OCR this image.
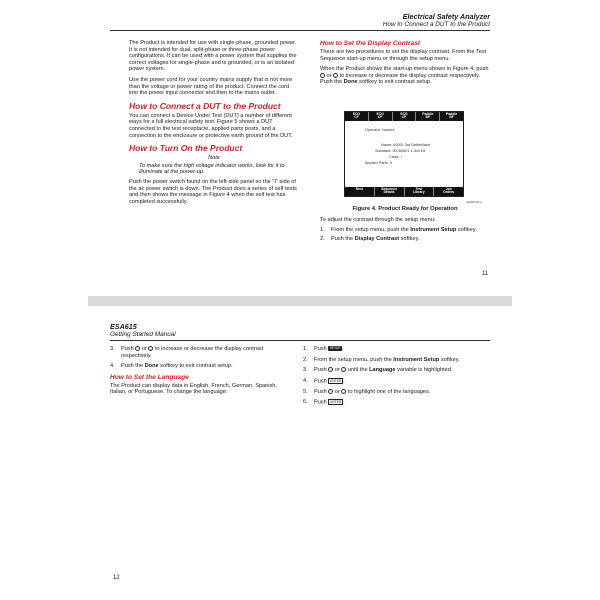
Electrical Safety Analyzer
How to Connect a DUT to the Product

The Product is intended for use with single-phase, grounded power. It is not intended for dual, split-phase or three-phase power configurations. It can be used with a power system that supplies the correct voltages for single-phase and is grounded, or is an isolated power system.

Use the power cord for your country mains supply that is not more than the voltage or power rating of the product. Connect the cord into the power input connector and then to the mains outlet.

How to Connect a DUT to the Product

You can connect a Device Under Test (DUT) a number of different ways for a full electrical safety test. Figure 5 shows a DUT connected to the test receptacle, applied parts posts, and a connection to the enclosure or protective earth ground of the DUT.

How to Turn On the Product
Note
To make sure the high voltage indicator works, look for it to illuminate at the power-up.

Push the power switch found on the left-side panel so the "I" side of the ac power switch is down. The Product does a series of self tests and then shows the message in Figure 4 when the self test has completed successfully.

How to Set the Display Contrast

There are two procedures to set the display contrast. From the Test Sequence start-up menu or through the setup menu.

When the Product shows the start-up menu shown in Figure 4, push ⌃ or ⌄ to increase or decrease the display contrast respectively. Push the Done softkey to exit contrast setup.

ECG
CF
ECG
CF
ECG
CF
Paddle
BF
Paddle
BF
Operator: Named
Name: 6000L 3rd Defibrillator
Standard: IEC60601-1-3rd Ed
Class: I
Applied Parts: 5
Next	Sequence
Details
Test
Library
Job
Orders
gtv008.bmp
Figure 4. Product Ready for Operation
To adjust the contrast through the setup menu:
1.	From the setup menu, push the Instrument Setup softkey.
2.	Push the Display Contrast softkey.
11
ESA615
Getting Started Manual
3.	Push ⌃ or ⌄ to increase or decrease the display contrast respectively.
4.	Push the Done softkey to exit contrast setup.
How to Set the Language
The Product can display data in English, French, German, Spanish, Italian, or Portuguese. To change the language:
1.	Push SETUP .
2.	From the setup menu, push the Instrument Setup softkey.
3.	Push ⌃ or ⌄ until the Language variable is highlighted.
4.	Push ENTER .
5.	Push ⌃ or ⌄ to highlight one of the languages.
6.	Push ENTER .
12
